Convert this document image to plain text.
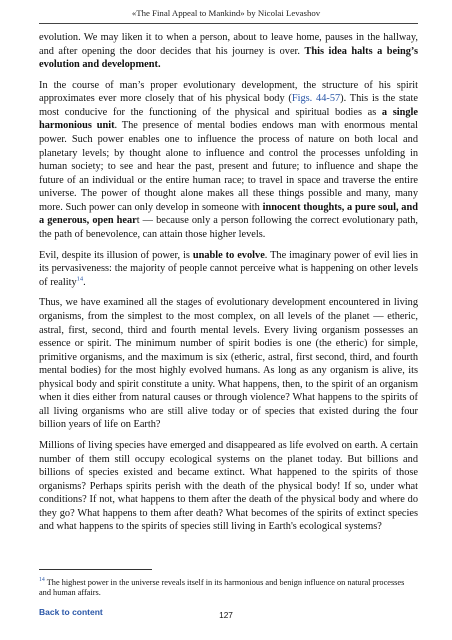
«The Final Appeal to Mankind» by Nicolai Levashov

evolution. We may liken it to when a person, about to leave home, pauses in the hallway, and after opening the door decides that his journey is over. This idea halts a being’s evolution and development.

In the course of man’s proper evolutionary development, the structure of his spirit approximates ever more closely that of his physical body (Figs. 44-57). This is the state most conducive for the functioning of the physical and spiritual bodies as a single harmonious unit. The presence of mental bodies endows man with enormous mental power. Such power enables one to influence the process of nature on both local and planetary levels; by thought alone to influence and control the processes unfolding in human society; to see and hear the past, present and future; to influence and shape the future of an individual or the entire human race; to travel in space and traverse the entire universe. The power of thought alone makes all these things possible and many, many more. Such power can only develop in someone with innocent thoughts, a pure soul, and a generous, open heart — because only a person following the correct evolutionary path, the path of benevolence, can attain those higher levels.

Evil, despite its illusion of power, is unable to evolve. The imaginary power of evil lies in its pervasiveness: the majority of people cannot perceive what is happening on other levels of reality$^{14}$.

Thus, we have examined all the stages of evolutionary development encountered in living organisms, from the simplest to the most complex, on all levels of the planet — etheric, astral, first, second, third and fourth mental levels. Every living organism possesses an essence or spirit. The minimum number of spirit bodies is one (the etheric) for simple, primitive organisms, and the maximum is six (etheric, astral, first second, third, and fourth mental bodies) for the most highly evolved humans. As long as any organism is alive, its physical body and spirit constitute a unity. What happens, then, to the spirit of an organism when it dies either from natural causes or through violence? What happens to the spirits of all living organisms who are still alive today or of species that existed during the four billion years of life on Earth?

Millions of living species have emerged and disappeared as life evolved on earth. A certain number of them still occupy ecological systems on the planet today. But billions and billions of species existed and became extinct. What happened to the spirits of those organisms? Perhaps spirits perish with the death of the physical body! If so, under what conditions? If not, what happens to them after the death of the physical body and where do they go? What happens to them after death? What becomes of the spirits of extinct species and what happens to the spirits of species still living in Earth's ecological systems?

$^{14}$ The highest power in the universe reveals itself in its harmonious and benign influence on natural processes and human affairs.
Back to content	127
